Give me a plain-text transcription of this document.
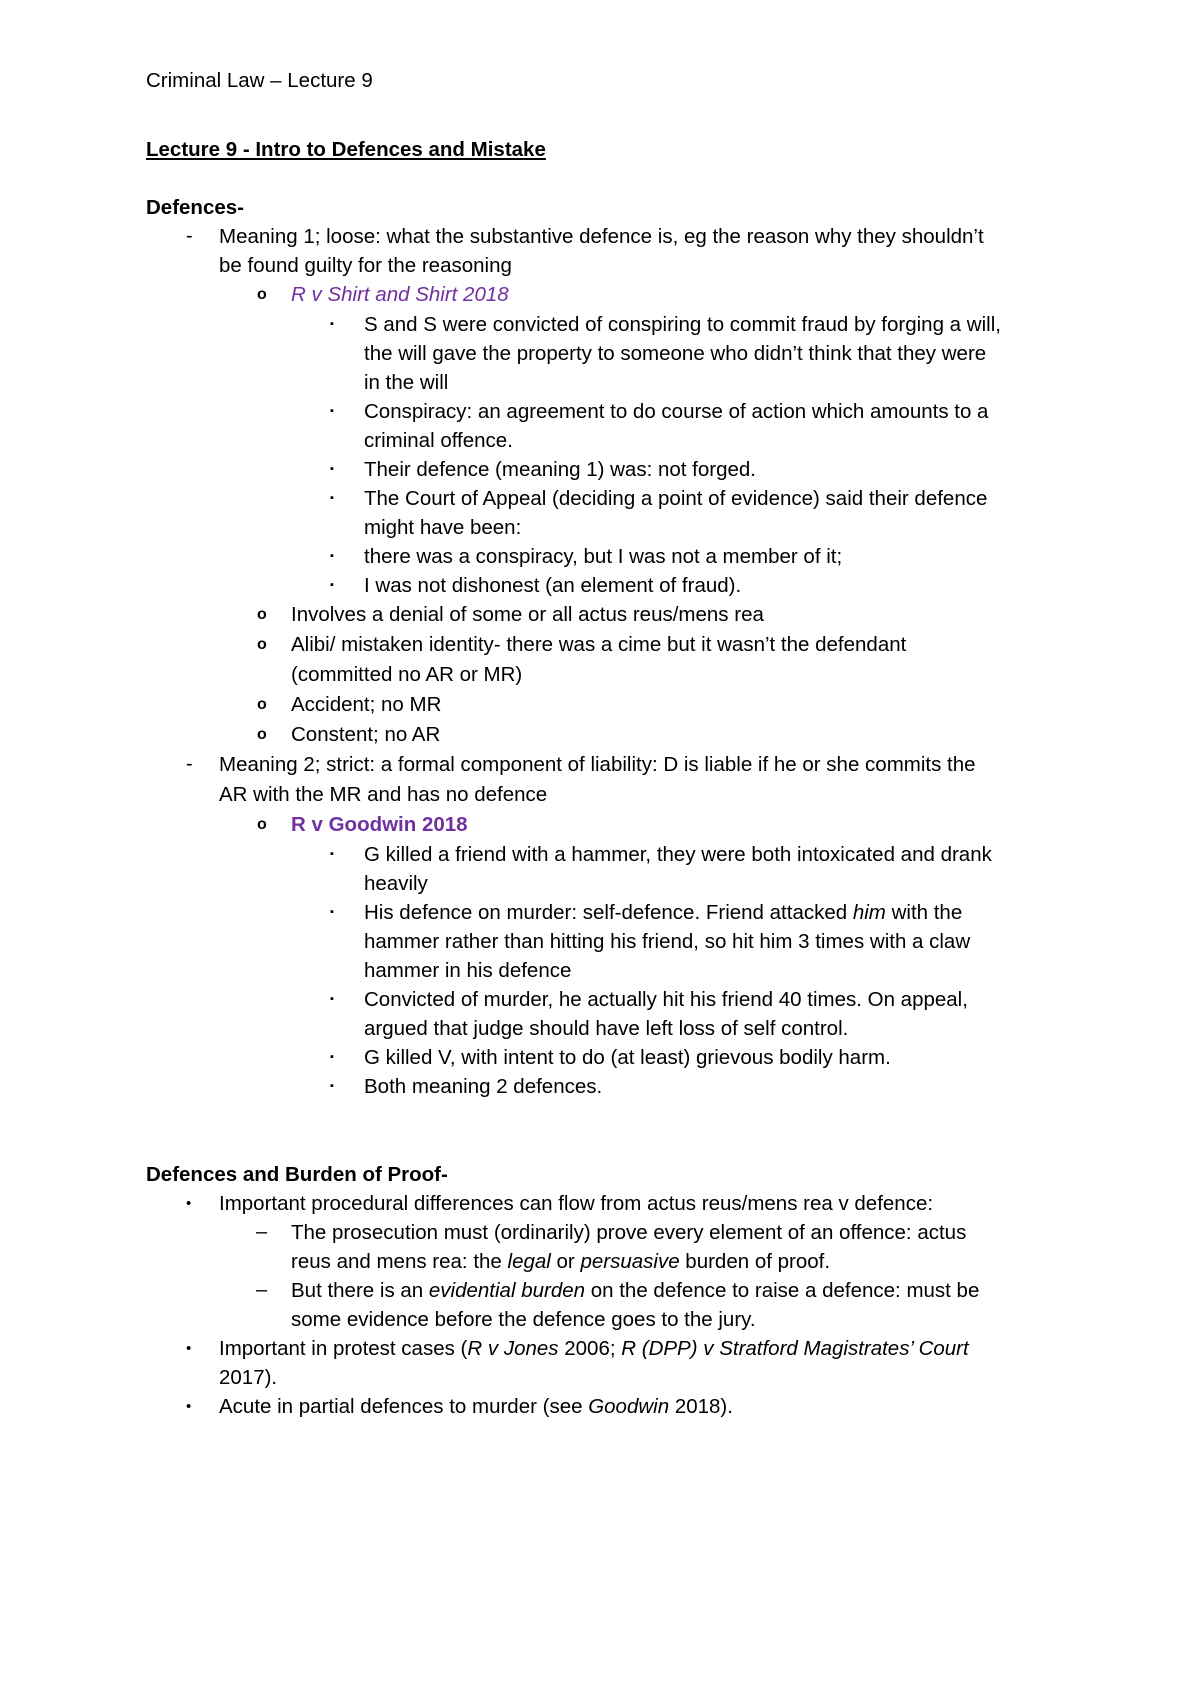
Criminal Law – Lecture 9
Lecture 9 - Intro to Defences and Mistake
Defences-
- Meaning 1; loose: what the substantive defence is, eg the reason why they shouldn’t
be found guilty for the reasoning
o R v Shirt and Shirt 2018
▪ S and S were convicted of conspiring to commit fraud by forging a will,
the will gave the property to someone who didn’t think that they were
in the will
▪ Conspiracy: an agreement to do course of action which amounts to a
criminal offence.
▪ Their defence (meaning 1) was: not forged.
▪ The Court of Appeal (deciding a point of evidence) said their defence
might have been:
▪ there was a conspiracy, but I was not a member of it;
▪ I was not dishonest (an element of fraud).
o Involves a denial of some or all actus reus/mens rea
o Alibi/ mistaken identity- there was a cime but it wasn’t the defendant
(committed no AR or MR)
o Accident; no MR
o Constent; no AR
- Meaning 2; strict: a formal component of liability: D is liable if he or she commits the
AR with the MR and has no defence
o R v Goodwin 2018
▪ G killed a friend with a hammer, they were both intoxicated and drank
heavily
▪ His defence on murder: self-defence. Friend attacked him with the
hammer rather than hitting his friend, so hit him 3 times with a claw
hammer in his defence
▪ Convicted of murder, he actually hit his friend 40 times. On appeal,
argued that judge should have left loss of self control.
▪ G killed V, with intent to do (at least) grievous bodily harm.
▪ Both meaning 2 defences.
Defences and Burden of Proof-
• Important procedural differences can flow from actus reus/mens rea v defence:
– The prosecution must (ordinarily) prove every element of an offence: actus
reus and mens rea: the legal or persuasive burden of proof.
– But there is an evidential burden on the defence to raise a defence: must be
some evidence before the defence goes to the jury.
• Important in protest cases (R v Jones 2006; R (DPP) v Stratford Magistrates’ Court
2017).
• Acute in partial defences to murder (see Goodwin 2018).
